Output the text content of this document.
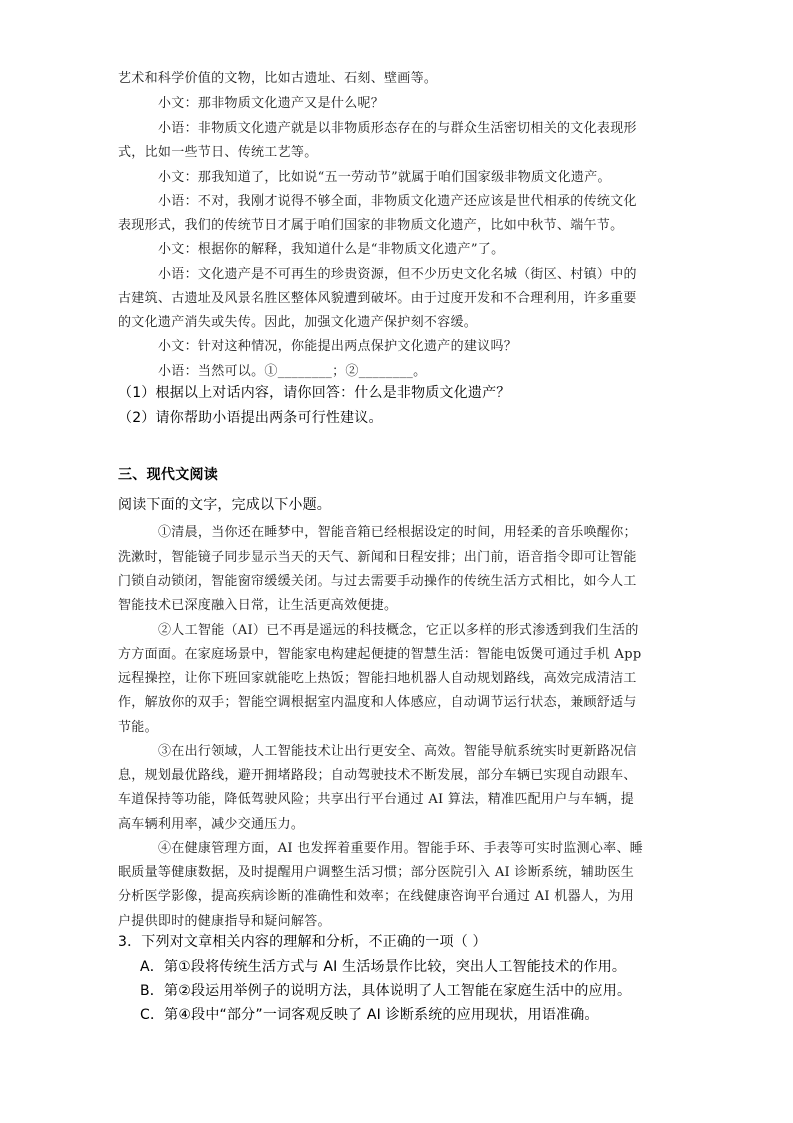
艺术和科学价值的文物，比如古遗址、石刻、壁画等。
小文：那非物质文化遗产又是什么呢？
小语：非物质文化遗产就是以非物质形态存在的与群众生活密切相关的文化表现形
式，比如一些节日、传统工艺等。
小文：那我知道了，比如说“五一劳动节”就属于咱们国家级非物质文化遗产。
小语：不对，我刚才说得不够全面，非物质文化遗产还应该是世代相承的传统文化
表现形式，我们的传统节日才属于咱们国家的非物质文化遗产，比如中秋节、端午节。
小文：根据你的解释，我知道什么是“非物质文化遗产”了。
小语：文化遗产是不可再生的珍贵资源，但不少历史文化名城（街区、村镇）中的
古建筑、古遗址及风景名胜区整体风貌遭到破坏。由于过度开发和不合理利用，许多重要
的文化遗产消失或失传。因此，加强文化遗产保护刻不容缓。
小文：针对这种情况，你能提出两点保护文化遗产的建议吗？
小语：当然可以。①________；②________。
（1）根据以上对话内容，请你回答：什么是非物质文化遗产？
（2）请你帮助小语提出两条可行性建议。
三、现代文阅读
阅读下面的文字，完成以下小题。
①清晨，当你还在睡梦中，智能音箱已经根据设定的时间，用轻柔的音乐唤醒你；
洗漱时，智能镜子同步显示当天的天气、新闻和日程安排；出门前，语音指令即可让智能
门锁自动锁闭，智能窗帘缓缓关闭。与过去需要手动操作的传统生活方式相比，如今人工
智能技术已深度融入日常，让生活更高效便捷。
②人工智能（AI）已不再是遥远的科技概念，它正以多样的形式渗透到我们生活的
方方面面。在家庭场景中，智能家电构建起便捷的智慧生活：智能电饭煲可通过手机 App
远程操控，让你下班回家就能吃上热饭；智能扫地机器人自动规划路线，高效完成清洁工
作，解放你的双手；智能空调根据室内温度和人体感应，自动调节运行状态，兼顾舒适与
节能。
③在出行领域，人工智能技术让出行更安全、高效。智能导航系统实时更新路况信
息，规划最优路线，避开拥堵路段；自动驾驶技术不断发展，部分车辆已实现自动跟车、
车道保持等功能，降低驾驶风险；共享出行平台通过 AI 算法，精准匹配用户与车辆，提
高车辆利用率，减少交通压力。
④在健康管理方面，AI 也发挥着重要作用。智能手环、手表等可实时监测心率、睡
眠质量等健康数据，及时提醒用户调整生活习惯；部分医院引入 AI 诊断系统，辅助医生
分析医学影像，提高疾病诊断的准确性和效率；在线健康咨询平台通过 AI 机器人，为用
户提供即时的健康指导和疑问解答。
3．下列对文章相关内容的理解和分析，不正确的一项（ ）
A．第①段将传统生活方式与 AI 生活场景作比较，突出人工智能技术的作用。
B．第②段运用举例子的说明方法，具体说明了人工智能在家庭生活中的应用。
C．第④段中“部分”一词客观反映了 AI 诊断系统的应用现状，用语准确。
